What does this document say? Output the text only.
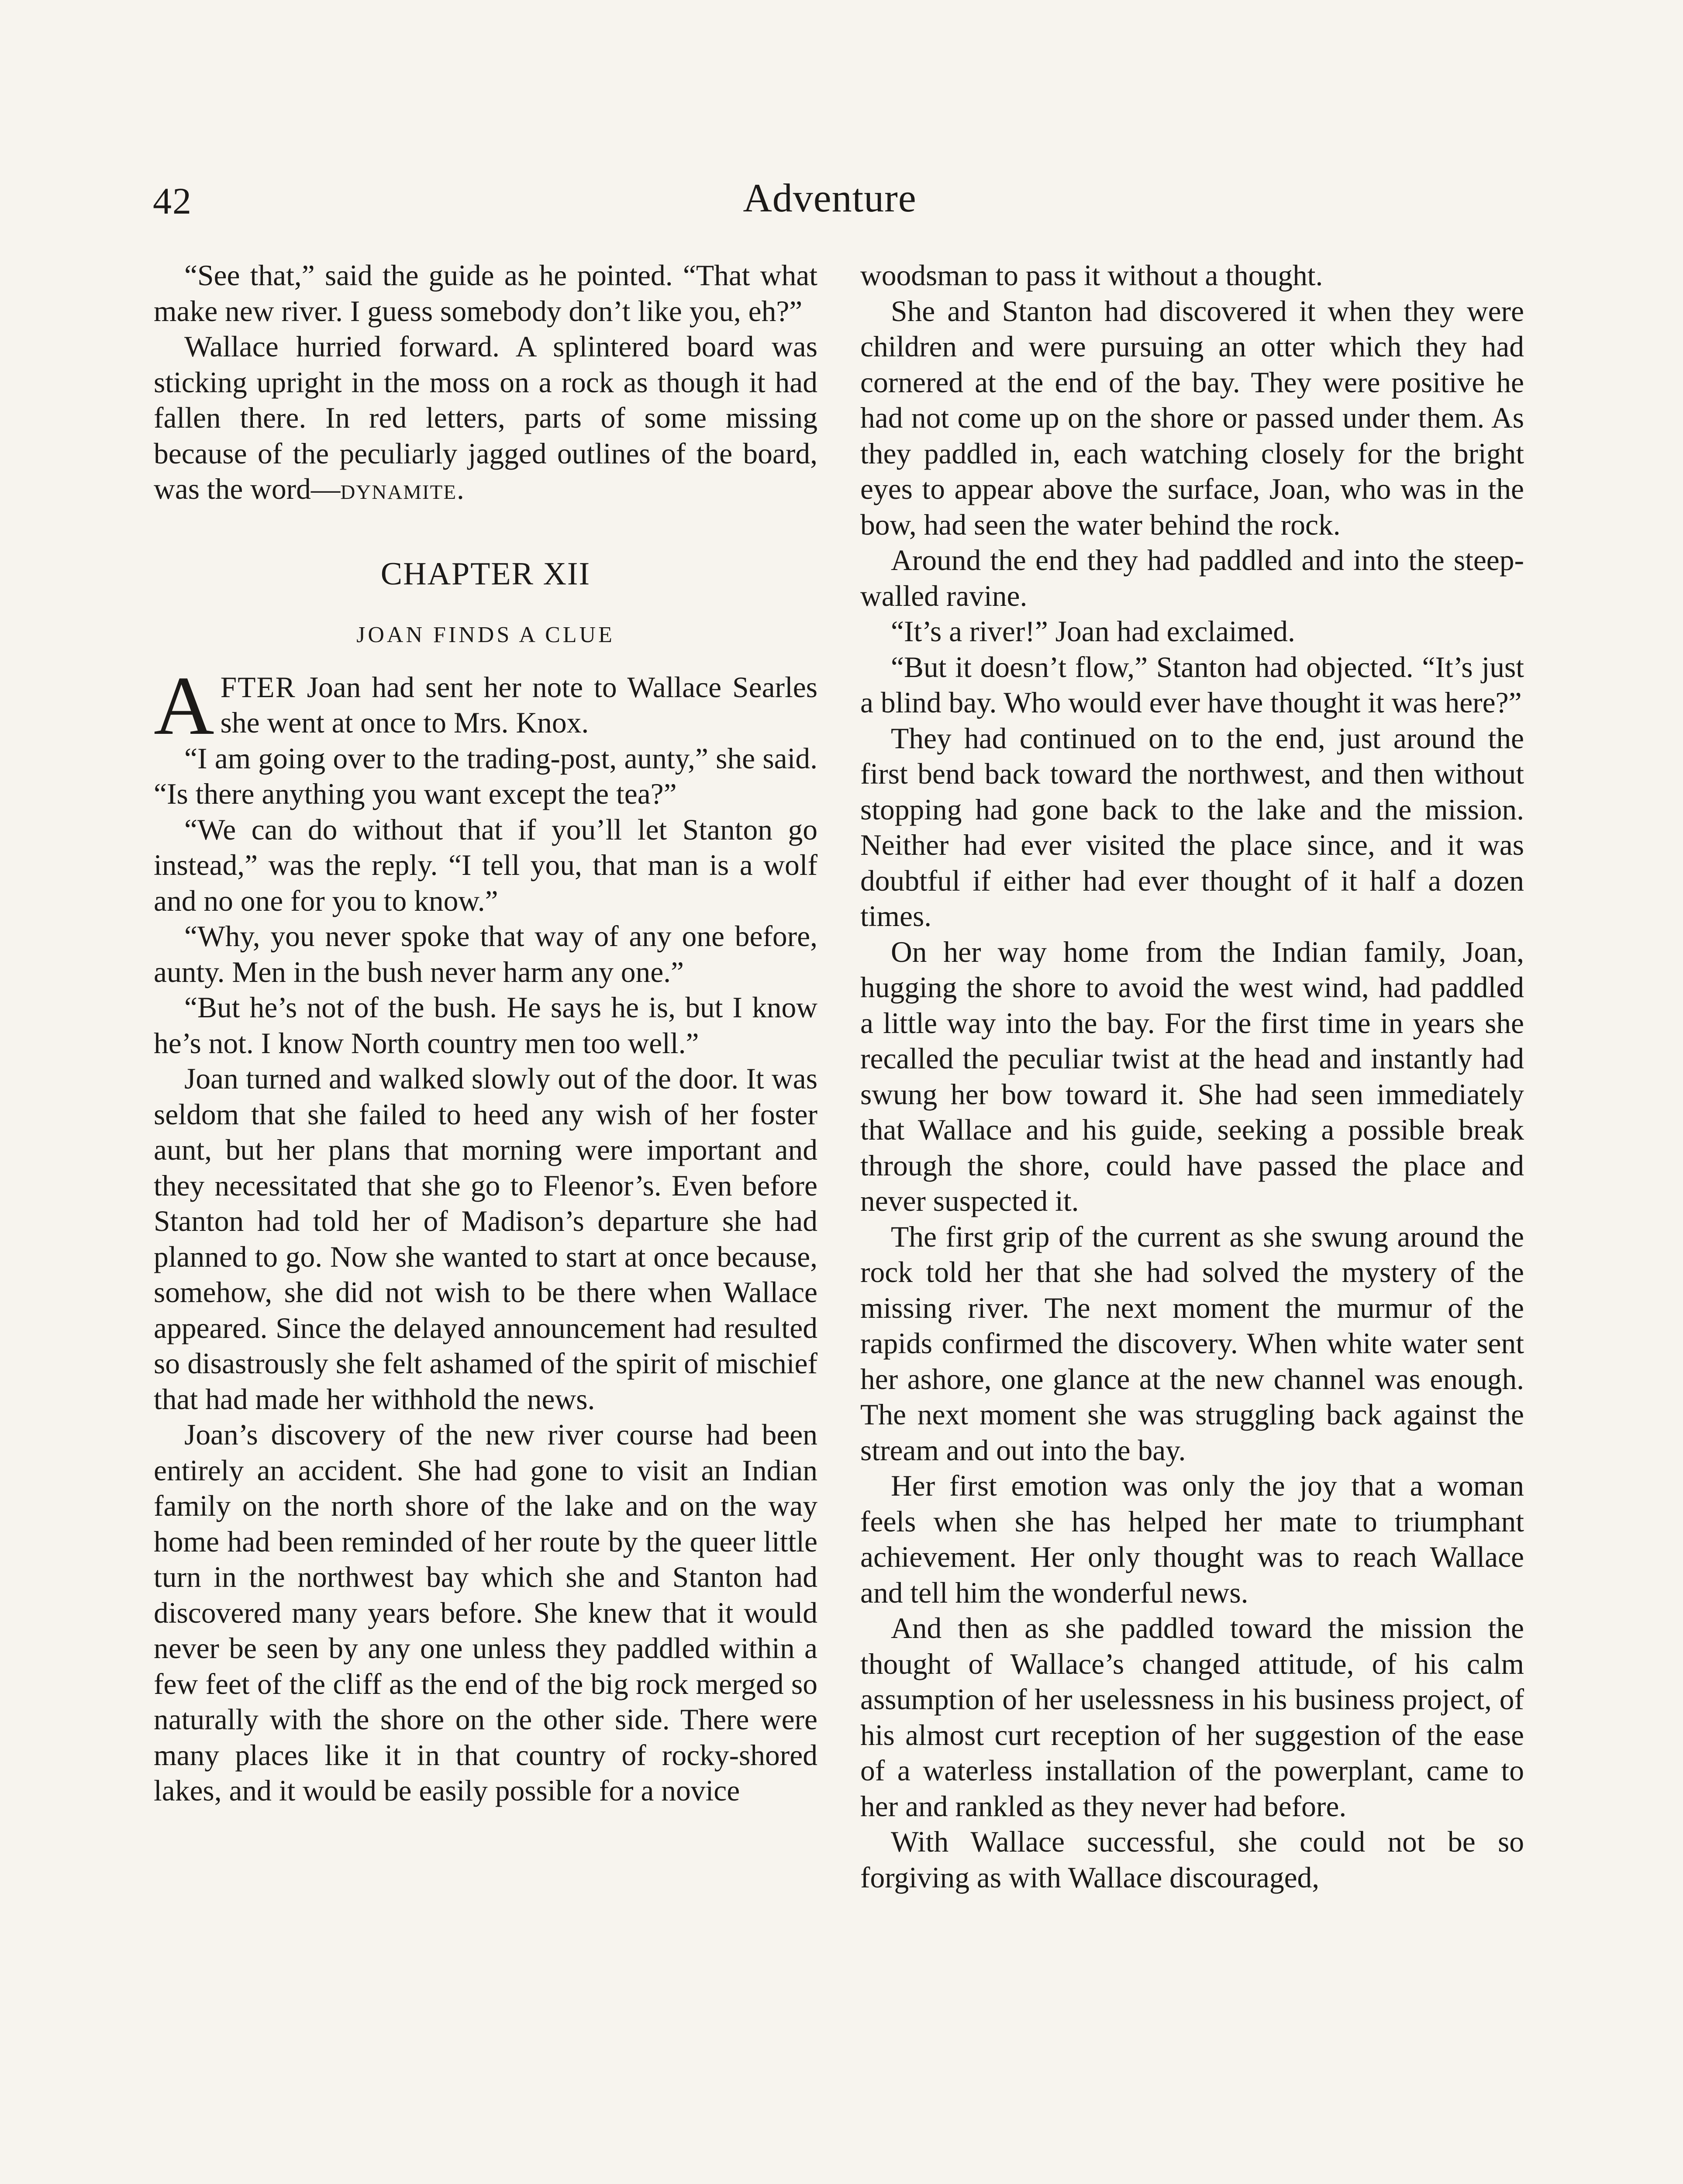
42	Adventure

“See that,” said the guide as he pointed. “That what make new river. I guess somebody don’t like you, eh?”

Wallace hurried forward. A splintered board was sticking upright in the moss on a rock as though it had fallen there. In red letters, parts of some missing because of the peculiarly jagged outlines of the board, was the word—dynamite.

CHAPTER XII
JOAN FINDS A CLUE

AFTER Joan had sent her note to Wallace Searles she went at once to Mrs. Knox.

“I am going over to the trading-post, aunty,” she said. “Is there anything you want except the tea?”

“We can do without that if you’ll let Stanton go instead,” was the reply. “I tell you, that man is a wolf and no one for you to know.”

“Why, you never spoke that way of any one before, aunty. Men in the bush never harm any one.”

“But he’s not of the bush. He says he is, but I know he’s not. I know North country men too well.”

Joan turned and walked slowly out of the door. It was seldom that she failed to heed any wish of her foster aunt, but her plans that morning were important and they necessitated that she go to Fleenor’s. Even before Stanton had told her of Madison’s departure she had planned to go. Now she wanted to start at once because, somehow, she did not wish to be there when Wallace appeared. Since the delayed announcement had resulted so disastrously she felt ashamed of the spirit of mischief that had made her withhold the news.

Joan’s discovery of the new river course had been entirely an accident. She had gone to visit an Indian family on the north shore of the lake and on the way home had been reminded of her route by the queer little turn in the northwest bay which she and Stanton had discovered many years before. She knew that it would never be seen by any one unless they paddled within a few feet of the cliff as the end of the big rock merged so naturally with the shore on the other side. There were many places like it in that country of rocky-shored lakes, and it would be easily possible for a novice

woodsman to pass it without a thought.

She and Stanton had discovered it when they were children and were pursuing an otter which they had cornered at the end of the bay. They were positive he had not come up on the shore or passed under them. As they paddled in, each watching closely for the bright eyes to appear above the surface, Joan, who was in the bow, had seen the water behind the rock.

Around the end they had paddled and into the steep-walled ravine.

“It’s a river!” Joan had exclaimed.

“But it doesn’t flow,” Stanton had objected. “It’s just a blind bay. Who would ever have thought it was here?”

They had continued on to the end, just around the first bend back toward the northwest, and then without stopping had gone back to the lake and the mission. Neither had ever visited the place since, and it was doubtful if either had ever thought of it half a dozen times.

On her way home from the Indian family, Joan, hugging the shore to avoid the west wind, had paddled a little way into the bay. For the first time in years she recalled the peculiar twist at the head and instantly had swung her bow toward it. She had seen immediately that Wallace and his guide, seeking a possible break through the shore, could have passed the place and never suspected it.

The first grip of the current as she swung around the rock told her that she had solved the mystery of the missing river. The next moment the murmur of the rapids confirmed the discovery. When white water sent her ashore, one glance at the new channel was enough. The next moment she was struggling back against the stream and out into the bay.

Her first emotion was only the joy that a woman feels when she has helped her mate to triumphant achievement. Her only thought was to reach Wallace and tell him the wonderful news.

And then as she paddled toward the mission the thought of Wallace’s changed attitude, of his calm assumption of her uselessness in his business project, of his almost curt reception of her suggestion of the ease of a waterless installation of the powerplant, came to her and rankled as they never had before.

With Wallace successful, she could not be so forgiving as with Wallace discouraged,
